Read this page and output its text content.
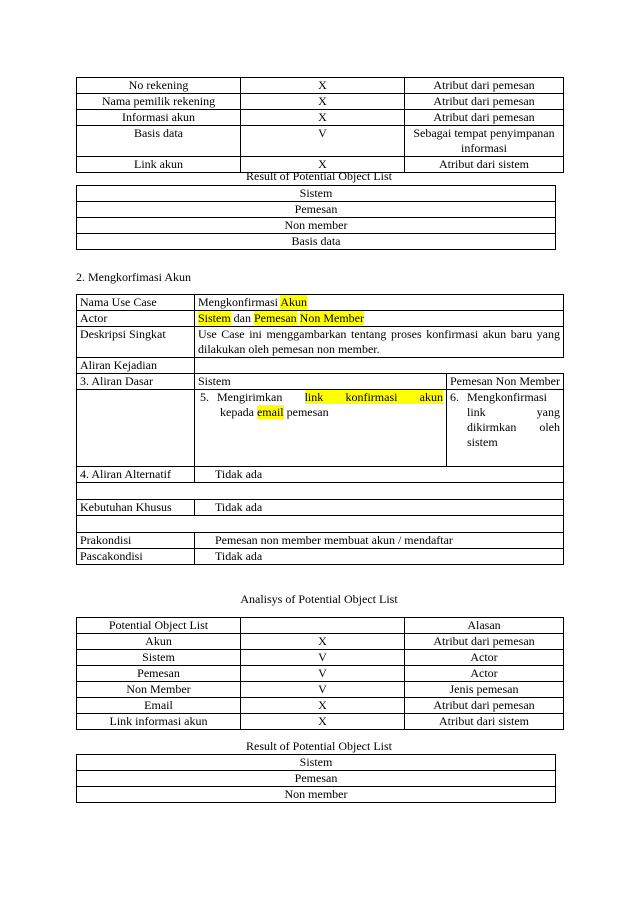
No rekening	X	Atribut dari pemesan
Nama pemilik rekening	X	Atribut dari pemesan
Informasi akun	X	Atribut dari pemesan
Basis data	V	Sebagai tempat penyimpanan informasi
Link akun	X	Atribut dari sistem
Result of Potential Object List
Sistem
Pemesan
Non member
Basis data
2. Mengkorfimasi Akun
Nama Use Case	Mengkonfirmasi Akun	
Actor	Sistem dan Pemesan Non Member	
Deskripsi Singkat	Use Case ini menggambarkan tentang proses konfirmasi akun baru yang dilakukan oleh pemesan non member.	
Aliran Kejadian		
3. Aliran Dasar	Sistem	Pemesan Non Member

	5. Mengirimkan link konfirmasi akun kepada email pemesan	6. Mengkonfirmasi link yang dikirmkan oleh sistem

4. Aliran Alternatif	Tidak ada	

Kebutuhan Khusus	Tidak ada	

Prakondisi	Pemesan non member membuat akun / mendaftar	
Pascakondisi	Tidak ada	
Analisys of Potential Object List
Potential Object List		Alasan
Akun	X	Atribut dari pemesan
Sistem	V	Actor
Pemesan	V	Actor
Non Member	V	Jenis pemesan
Email	X	Atribut dari pemesan
Link informasi akun	X	Atribut dari sistem
Result of Potential Object List
Sistem
Pemesan
Non member
